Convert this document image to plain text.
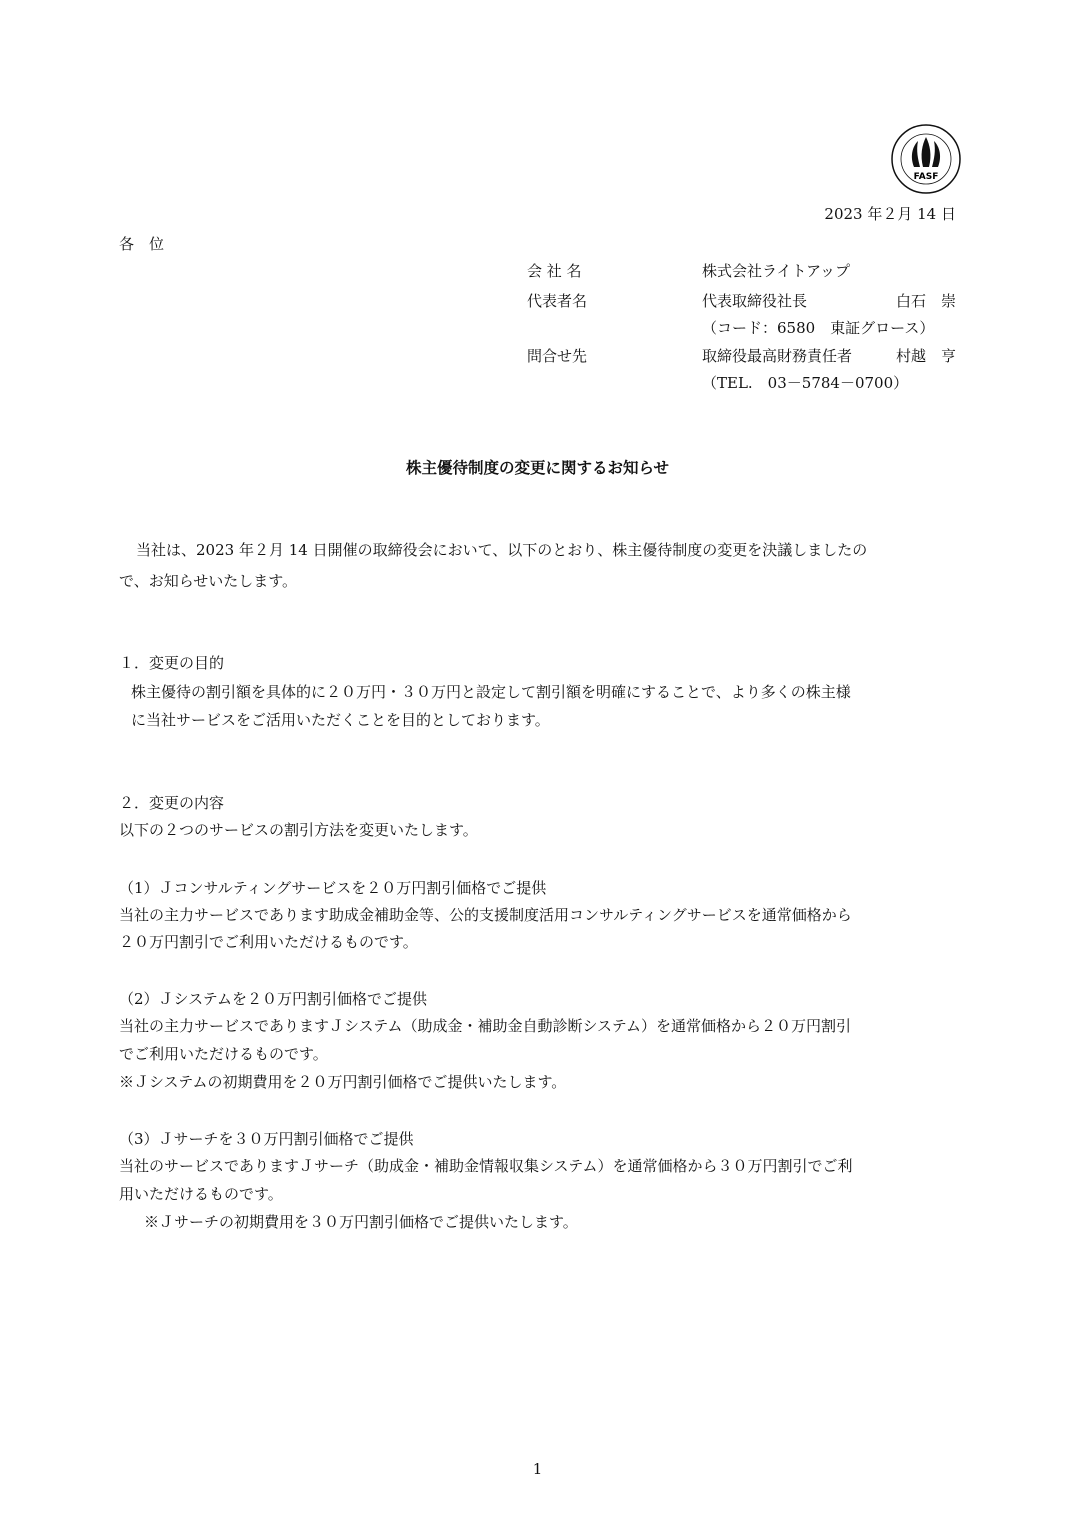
FASF
2023 年２月 14 日
各　位
会 社 名	株式会社ライトアップ
代表者名	代表取締役社長	白石　崇
（コード：6580　東証グロース）
問合せ先	取締役最高財務責任者	村越　亨
（TEL.　03－5784－0700）
株主優待制度の変更に関するお知らせ
当社は、2023 年２月 14 日開催の取締役会において、以下のとおり、株主優待制度の変更を決議しましたの
で、お知らせいたします。
１．変更の目的
株主優待の割引額を具体的に２０万円・３０万円と設定して割引額を明確にすることで、より多くの株主様
に当社サービスをご活用いただくことを目的としております。
２．変更の内容
以下の２つのサービスの割引方法を変更いたします。
（1）Ｊコンサルティングサービスを２０万円割引価格でご提供
当社の主力サービスであります助成金補助金等、公的支援制度活用コンサルティングサービスを通常価格から
２０万円割引でご利用いただけるものです。
（2）Ｊシステムを２０万円割引価格でご提供
当社の主力サービスでありますＪシステム（助成金・補助金自動診断システム）を通常価格から２０万円割引
でご利用いただけるものです。
※Ｊシステムの初期費用を２０万円割引価格でご提供いたします。
（3）Ｊサーチを３０万円割引価格でご提供
当社のサービスでありますＪサーチ（助成金・補助金情報収集システム）を通常価格から３０万円割引でご利
用いただけるものです。
※Ｊサーチの初期費用を３０万円割引価格でご提供いたします。
1
